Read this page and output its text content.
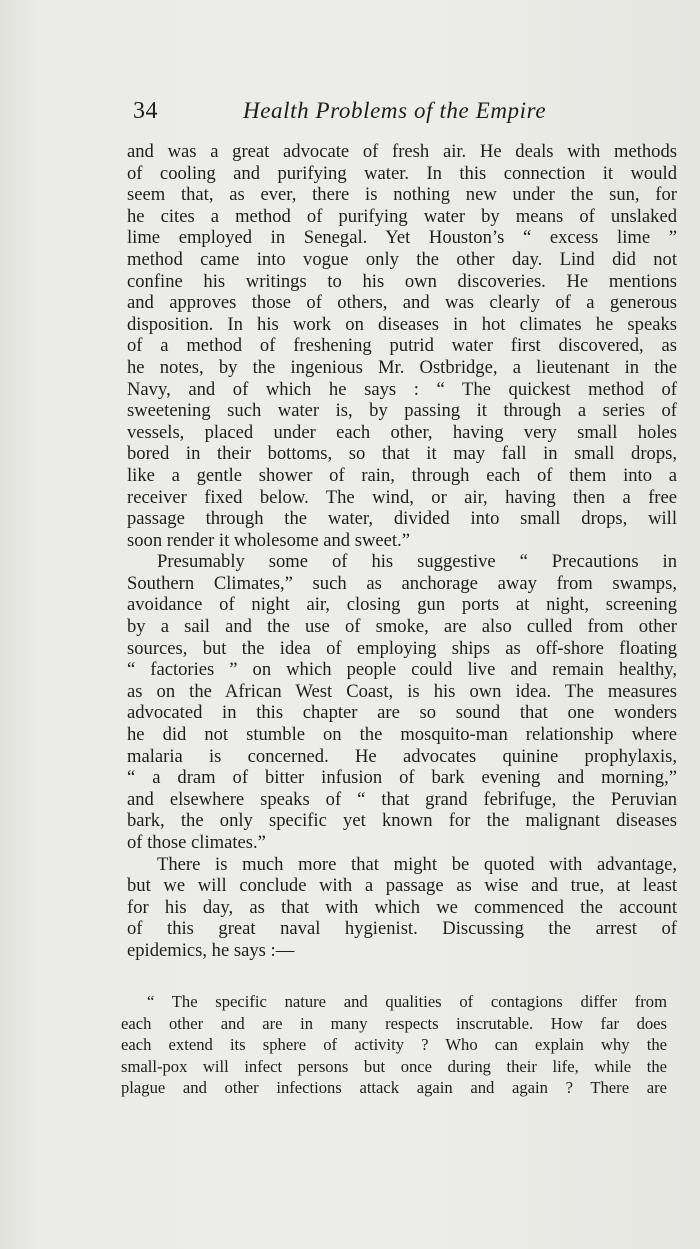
34	Health Problems of the Empire
and was a great advocate of fresh air. He deals with methods
of cooling and purifying water. In this connection it would
seem that, as ever, there is nothing new under the sun, for
he cites a method of purifying water by means of unslaked
lime employed in Senegal. Yet Houston’s “ excess lime ”
method came into vogue only the other day. Lind did not
confine his writings to his own discoveries. He mentions
and approves those of others, and was clearly of a generous
disposition. In his work on diseases in hot climates he speaks
of a method of freshening putrid water first discovered, as
he notes, by the ingenious Mr. Ostbridge, a lieutenant in the
Navy, and of which he says : “ The quickest method of
sweetening such water is, by passing it through a series of
vessels, placed under each other, having very small holes
bored in their bottoms, so that it may fall in small drops,
like a gentle shower of rain, through each of them into a
receiver fixed below. The wind, or air, having then a free
passage through the water, divided into small drops, will
soon render it wholesome and sweet.”
Presumably some of his suggestive “ Precautions in
Southern Climates,” such as anchorage away from swamps,
avoidance of night air, closing gun ports at night, screening
by a sail and the use of smoke, are also culled from other
sources, but the idea of employing ships as off-shore floating
“ factories ” on which people could live and remain healthy,
as on the African West Coast, is his own idea. The measures
advocated in this chapter are so sound that one wonders
he did not stumble on the mosquito-man relationship where
malaria is concerned. He advocates quinine prophylaxis,
“ a dram of bitter infusion of bark evening and morning,”
and elsewhere speaks of “ that grand febrifuge, the Peruvian
bark, the only specific yet known for the malignant diseases
of those climates.”
There is much more that might be quoted with advantage,
but we will conclude with a passage as wise and true, at least
for his day, as that with which we commenced the account
of this great naval hygienist. Discussing the arrest of
epidemics, he says :—
“ The specific nature and qualities of contagions differ from
each other and are in many respects inscrutable. How far does
each extend its sphere of activity ? Who can explain why the
small-pox will infect persons but once during their life, while the
plague and other infections attack again and again ? There are
